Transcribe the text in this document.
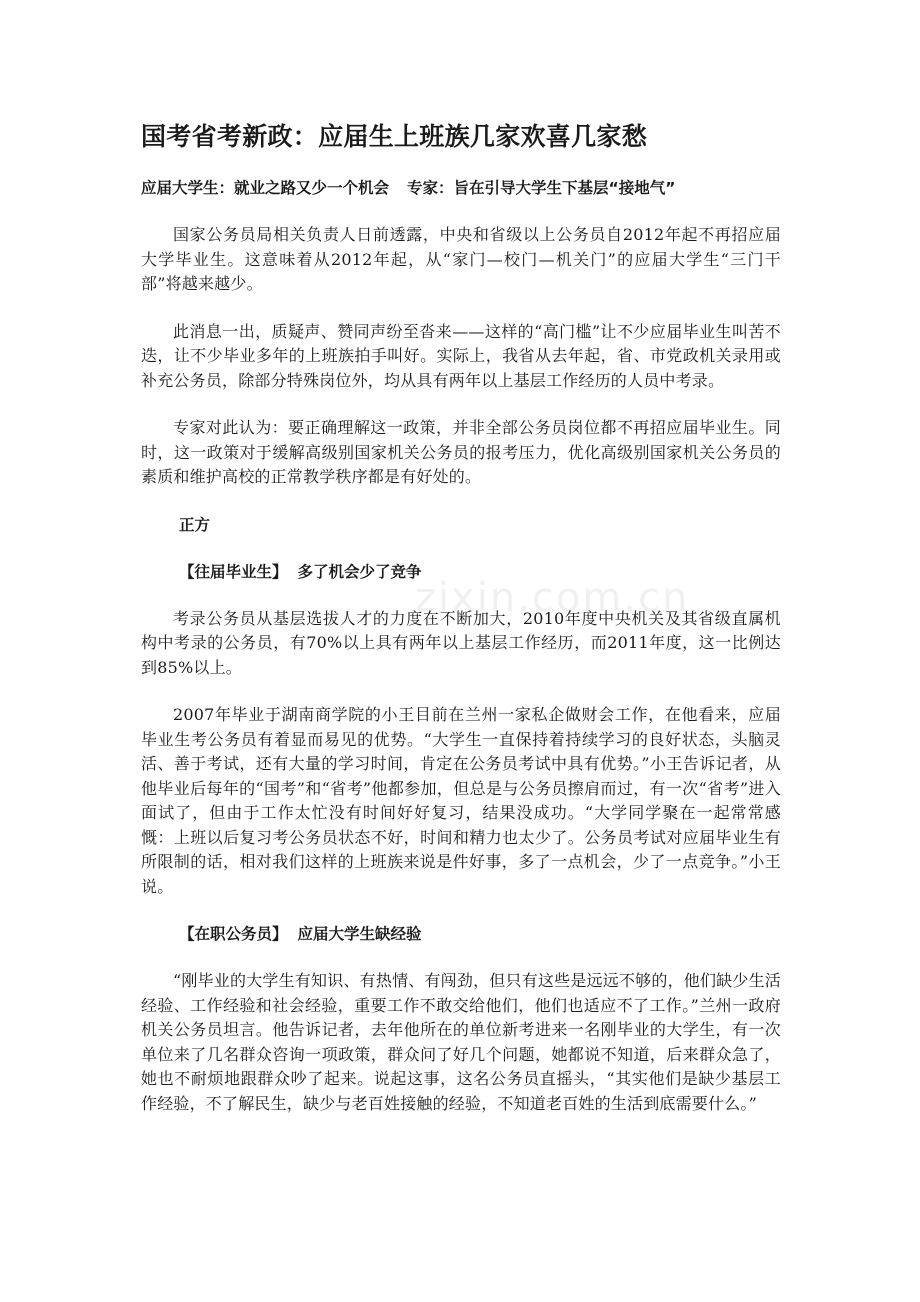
zixin.com.cn
国考省考新政：应届生上班族几家欢喜几家愁
应届大学生：就业之路又少一个机会 专家：旨在引导大学生下基层“接地气”

国家公务员局相关负责人日前透露，中央和省级以上公务员自2012年起不再招应届大学毕业生。这意味着从2012年起，从“家门—校门—机关门”的应届大学生“三门干部”将越来越少。

此消息一出，质疑声、赞同声纷至沓来——这样的“高门槛”让不少应届毕业生叫苦不迭，让不少毕业多年的上班族拍手叫好。实际上，我省从去年起，省、市党政机关录用或补充公务员，除部分特殊岗位外，均从具有两年以上基层工作经历的人员中考录。

专家对此认为：要正确理解这一政策，并非全部公务员岗位都不再招应届毕业生。同时，这一政策对于缓解高级别国家机关公务员的报考压力，优化高级别国家机关公务员的素质和维护高校的正常教学秩序都是有好处的。

正方
【往届毕业生】 多了机会少了竞争

考录公务员从基层选拔人才的力度在不断加大，2010年度中央机关及其省级直属机构中考录的公务员，有70%以上具有两年以上基层工作经历，而2011年度，这一比例达到85%以上。

2007年毕业于湖南商学院的小王目前在兰州一家私企做财会工作，在他看来，应届毕业生考公务员有着显而易见的优势。“大学生一直保持着持续学习的良好状态，头脑灵活、善于考试，还有大量的学习时间，肯定在公务员考试中具有优势。”小王告诉记者，从他毕业后每年的“国考”和“省考”他都参加，但总是与公务员擦肩而过，有一次“省考”进入面试了，但由于工作太忙没有时间好好复习，结果没成功。“大学同学聚在一起常常感慨：上班以后复习考公务员状态不好，时间和精力也太少了。公务员考试对应届毕业生有所限制的话，相对我们这样的上班族来说是件好事，多了一点机会，少了一点竞争。”小王说。

【在职公务员】 应届大学生缺经验

“刚毕业的大学生有知识、有热情、有闯劲，但只有这些是远远不够的，他们缺少生活经验、工作经验和社会经验，重要工作不敢交给他们，他们也适应不了工作。”兰州一政府机关公务员坦言。他告诉记者，去年他所在的单位新考进来一名刚毕业的大学生，有一次单位来了几名群众咨询一项政策，群众问了好几个问题，她都说不知道，后来群众急了，她也不耐烦地跟群众吵了起来。说起这事，这名公务员直摇头，“其实他们是缺少基层工作经验，不了解民生，缺少与老百姓接触的经验，不知道老百姓的生活到底需要什么。”
